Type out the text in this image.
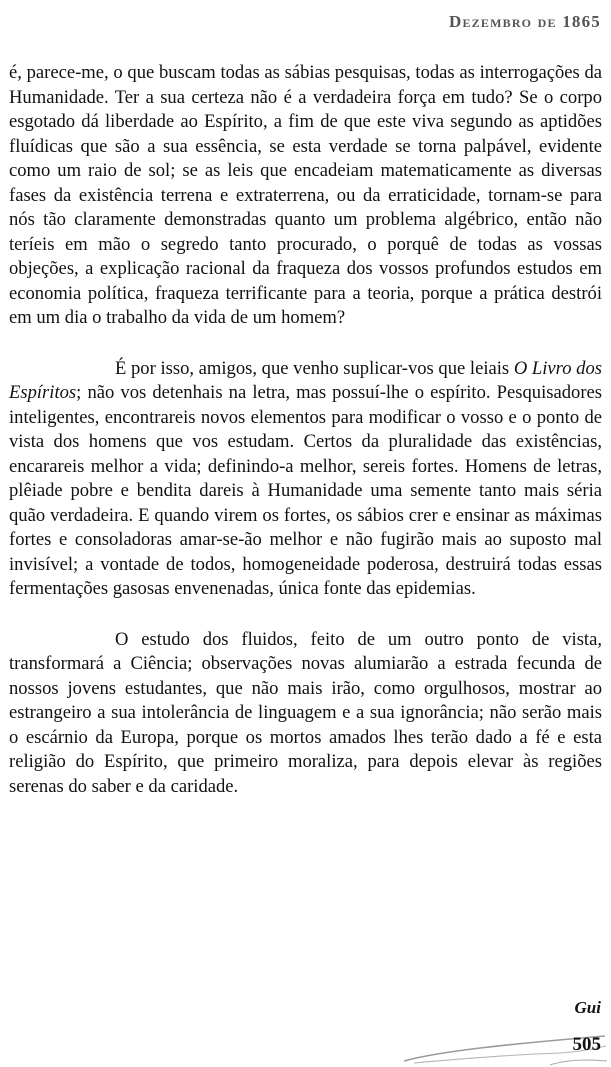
Dezembro de 1865

é, parece-me, o que buscam todas as sábias pesquisas, todas as interrogações da Humanidade. Ter a sua certeza não é a verdadeira força em tudo? Se o corpo esgotado dá liberdade ao Espírito, a fim de que este viva segundo as aptidões fluídicas que são a sua essência, se esta verdade se torna palpável, evidente como um raio de sol; se as leis que encadeiam matematicamente as diversas fases da existência terrena e extraterrena, ou da erraticidade, tornam-se para nós tão claramente demonstradas quanto um problema algébrico, então não teríeis em mão o segredo tanto procurado, o porquê de todas as vossas objeções, a explicação racional da fraqueza dos vossos profundos estudos em economia política, fraqueza terrificante para a teoria, porque a prática destrói em um dia o trabalho da vida de um homem?

É por isso, amigos, que venho suplicar-vos que leiais O Livro dos Espíritos; não vos detenhais na letra, mas possuí-lhe o espírito. Pesquisadores inteligentes, encontrareis novos elementos para modificar o vosso e o ponto de vista dos homens que vos estudam. Certos da pluralidade das existências, encarareis melhor a vida; definindo-a melhor, sereis fortes. Homens de letras, plêiade pobre e bendita dareis à Humanidade uma semente tanto mais séria quão verdadeira. E quando virem os fortes, os sábios crer e ensinar as máximas fortes e consoladoras amar-se-ão melhor e não fugirão mais ao suposto mal invisível; a vontade de todos, homogeneidade poderosa, destruirá todas essas fermentações gasosas envenenadas, única fonte das epidemias.

O estudo dos fluidos, feito de um outro ponto de vista, transformará a Ciência; observações novas alumiarão a estrada fecunda de nossos jovens estudantes, que não mais irão, como orgulhosos, mostrar ao estrangeiro a sua intolerância de linguagem e a sua ignorância; não serão mais o escárnio da Europa, porque os mortos amados lhes terão dado a fé e esta religião do Espírito, que primeiro moraliza, para depois elevar às regiões serenas do saber e da caridade.

Gui
505
